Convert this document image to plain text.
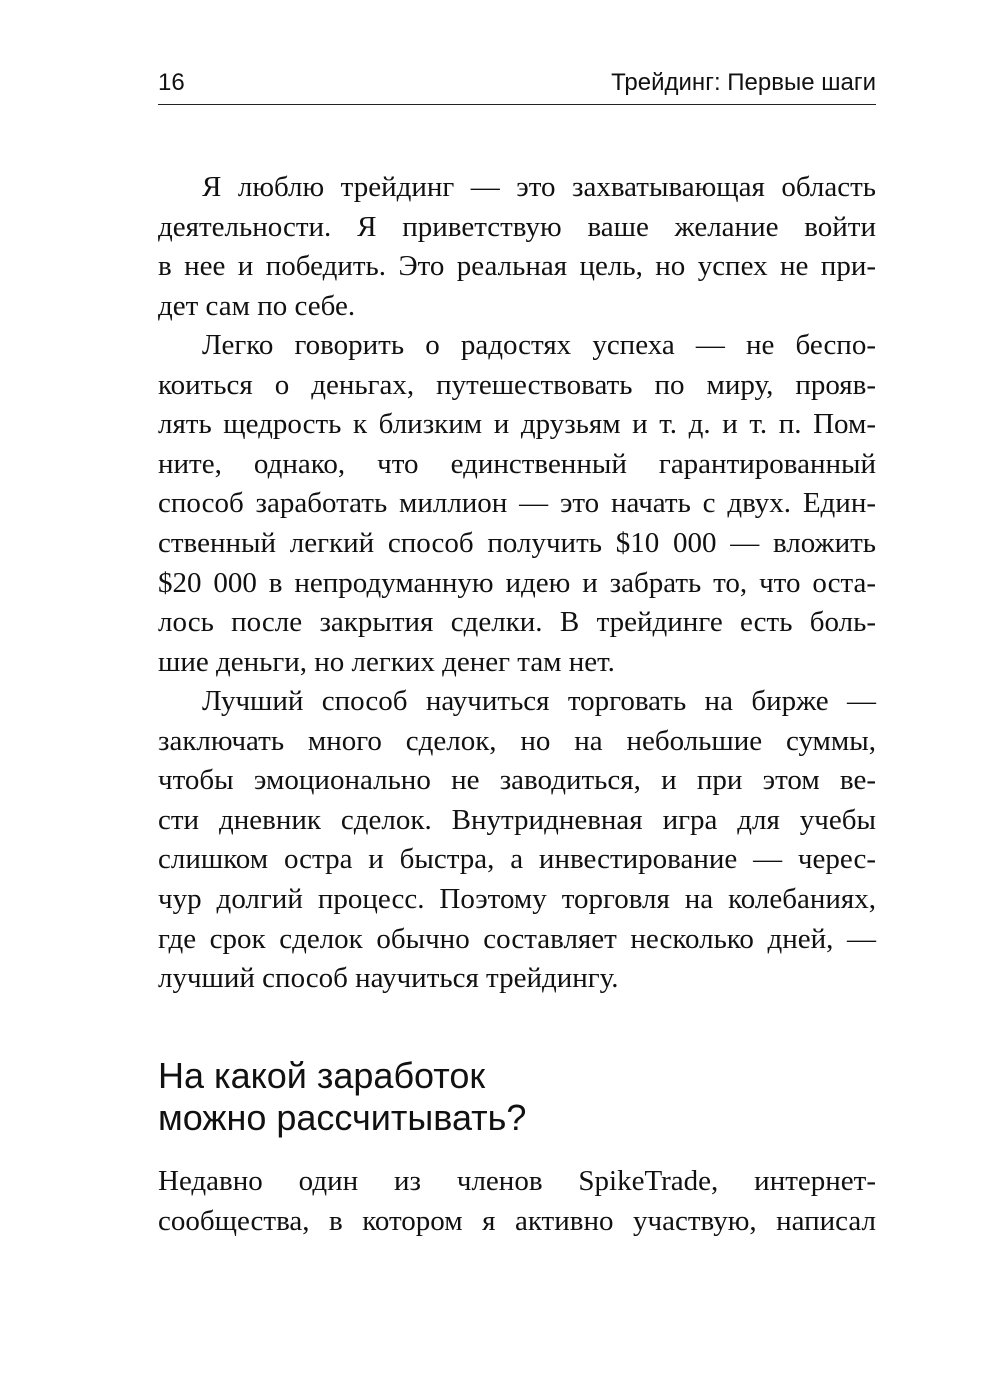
16	Трейдинг: Первые шаги

Я люблю трейдинг — это захватывающая область
деятельности. Я приветствую ваше желание войти
в нее и победить. Это реальная цель, но успех не при-
дет сам по себе.

Легко говорить о радостях успеха — не беспо-
коиться о деньгах, путешествовать по миру, прояв-
лять щедрость к близким и друзьям и т. д. и т. п. Пом-
ните, однако, что единственный гарантированный
способ заработать миллион — это начать с двух. Един-
ственный легкий способ получить $10 000 — вложить
$20 000 в непродуманную идею и забрать то, что оста-
лось после закрытия сделки. В трейдинге есть боль-
шие деньги, но легких денег там нет.

Лучший способ научиться торговать на бирже —
заключать много сделок, но на небольшие суммы,
чтобы эмоционально не заводиться, и при этом ве-
сти дневник сделок. Внутридневная игра для учебы
слишком остра и быстра, а инвестирование — черес-
чур долгий процесс. Поэтому торговля на колебаниях,
где срок сделок обычно составляет несколько дней, —
лучший способ научиться трейдингу.

На какой заработок
можно рассчитывать?

Недавно один из членов SpikeTrade, интернет-
сообщества, в котором я активно участвую, написал
